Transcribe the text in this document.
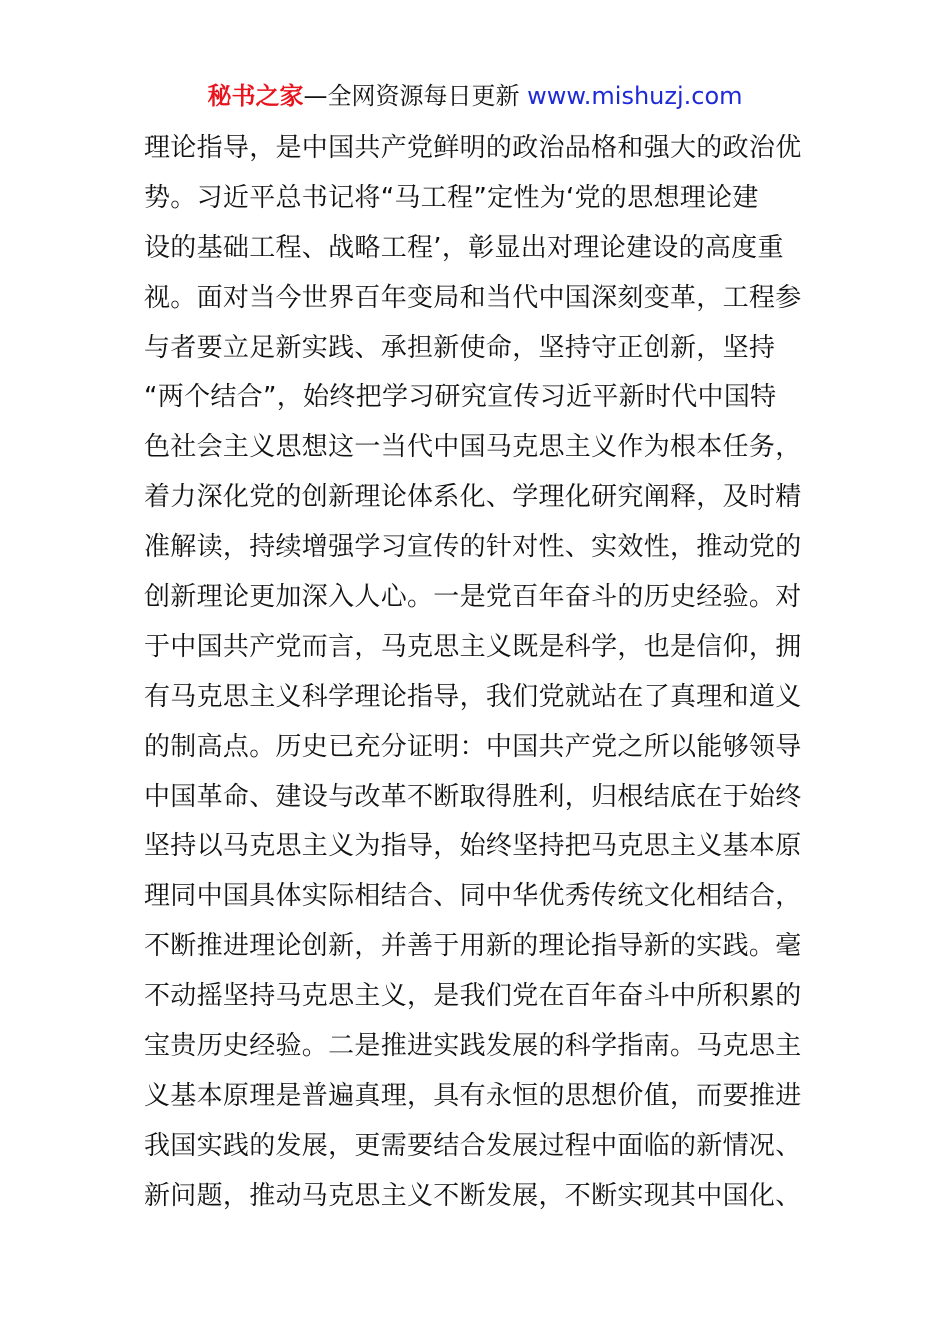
秘书之家—全网资源每日更新 www.mishuzj.com
理论指导，是中国共产党鲜明的政治品格和强大的政治优
势。习近平总书记将“马工程”定性为‘党的思想理论建
设的基础工程、战略工程’，彰显出对理论建设的高度重
视。面对当今世界百年变局和当代中国深刻变革，工程参
与者要立足新实践、承担新使命，坚持守正创新，坚持
“两个结合”，始终把学习研究宣传习近平新时代中国特
色社会主义思想这一当代中国马克思主义作为根本任务，
着力深化党的创新理论体系化、学理化研究阐释，及时精
准解读，持续增强学习宣传的针对性、实效性，推动党的
创新理论更加深入人心。一是党百年奋斗的历史经验。对
于中国共产党而言，马克思主义既是科学，也是信仰，拥
有马克思主义科学理论指导，我们党就站在了真理和道义
的制高点。历史已充分证明：中国共产党之所以能够领导
中国革命、建设与改革不断取得胜利，归根结底在于始终
坚持以马克思主义为指导，始终坚持把马克思主义基本原
理同中国具体实际相结合、同中华优秀传统文化相结合，
不断推进理论创新，并善于用新的理论指导新的实践。毫
不动摇坚持马克思主义，是我们党在百年奋斗中所积累的
宝贵历史经验。二是推进实践发展的科学指南。马克思主
义基本原理是普遍真理，具有永恒的思想价值，而要推进
我国实践的发展，更需要结合发展过程中面临的新情况、
新问题，推动马克思主义不断发展，不断实现其中国化、
